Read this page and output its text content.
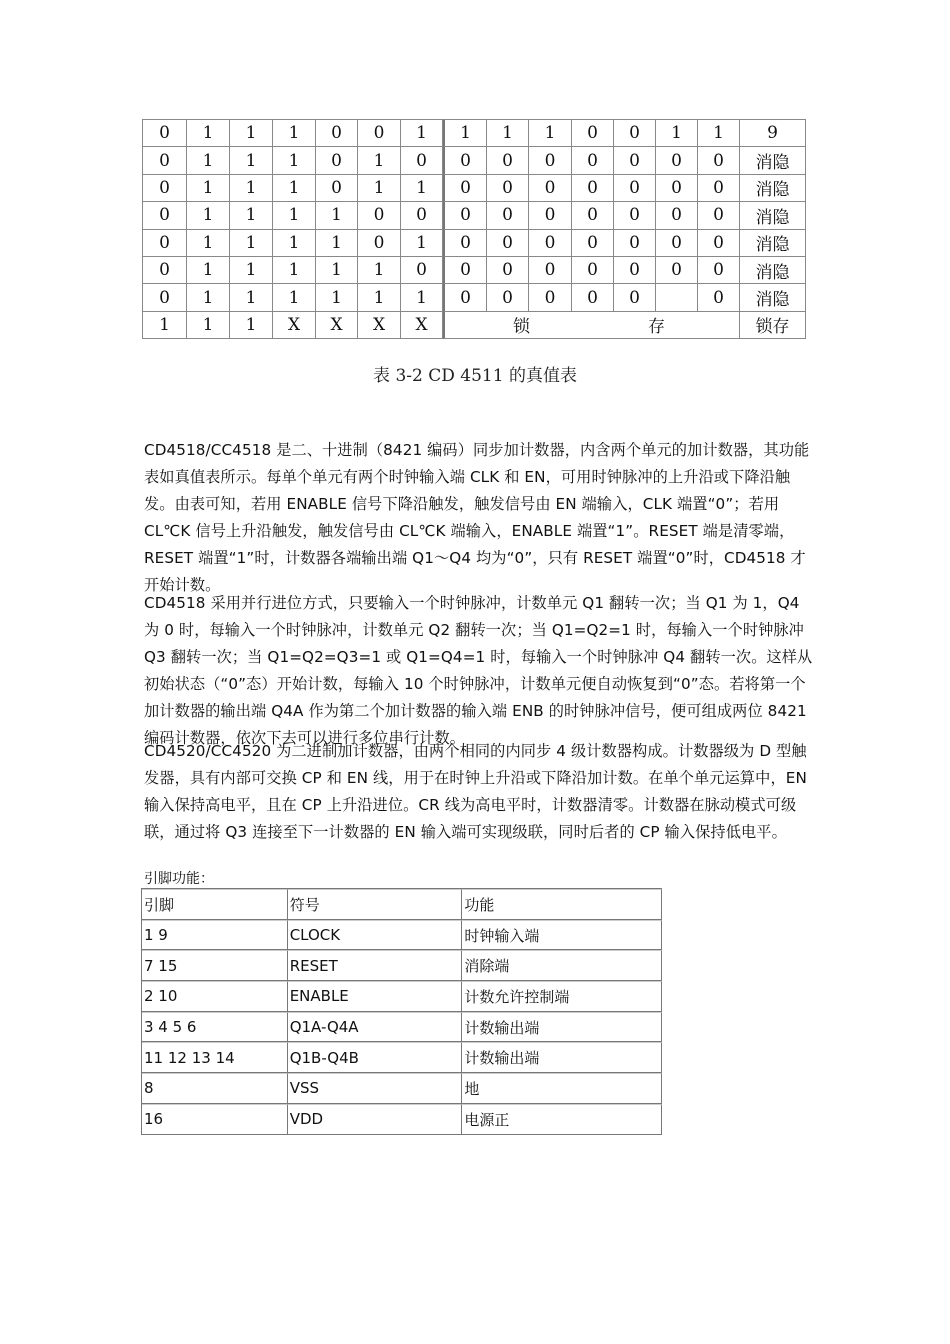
0	1	1	1	0	0	1	1	1	1	0	0	1	1	9
0	1	1	1	0	1	0	0	0	0	0	0	0	0	消隐
0	1	1	1	0	1	1	0	0	0	0	0	0	0	消隐
0	1	1	1	1	0	0	0	0	0	0	0	0	0	消隐
0	1	1	1	1	0	1	0	0	0	0	0	0	0	消隐
0	1	1	1	1	1	0	0	0	0	0	0	0	0	消隐
0	1	1	1	1	1	1	0	0	0	0	0		0	消隐
1	1	1	X	X	X	X	锁 存							锁存
表 3-2 CD 4511 的真值表

CD4518/CC4518 是二、十进制（8421 编码）同步加计数器，内含两个单元的加计数器，其功能表如真值表所示。每单个单元有两个时钟输入端 CLK 和 EN，可用时钟脉冲的上升沿或下降沿触发。由表可知，若用 ENABLE 信号下降沿触发，触发信号由 EN 端输入，CLK 端置“0”；若用 CL℃K 信号上升沿触发，触发信号由 CL℃K 端输入，ENABLE 端置“1”。RESET 端是清零端，RESET 端置“1”时，计数器各端输出端 Q1～Q4 均为“0”，只有 RESET 端置“0”时，CD4518 才开始计数。

CD4518 采用并行进位方式，只要输入一个时钟脉冲，计数单元 Q1 翻转一次；当 Q1 为 1，Q4 为 0 时，每输入一个时钟脉冲，计数单元 Q2 翻转一次；当 Q1=Q2=1 时，每输入一个时钟脉冲 Q3 翻转一次；当 Q1=Q2=Q3=1 或 Q1=Q4=1 时，每输入一个时钟脉冲 Q4 翻转一次。这样从初始状态（“0”态）开始计数，每输入 10 个时钟脉冲，计数单元便自动恢复到“0”态。若将第一个加计数器的输出端 Q4A 作为第二个加计数器的输入端 ENB 的时钟脉冲信号，便可组成两位 8421 编码计数器，依次下去可以进行多位串行计数。

CD4520/CC4520 为二进制加计数器，由两个相同的内同步 4 级计数器构成。计数器级为 D 型触发器，具有内部可交换 CP 和 EN 线，用于在时钟上升沿或下降沿加计数。在单个单元运算中，EN 输入保持高电平，且在 CP 上升沿进位。CR 线为高电平时，计数器清零。计数器在脉动模式可级联，通过将 Q3 连接至下一计数器的 EN 输入端可实现级联，同时后者的 CP 输入保持低电平。

引脚功能：
引脚	符号	功能
1 9	CLOCK	时钟输入端
7 15	RESET	消除端
2 10	ENABLE	计数允许控制端
3 4 5 6	Q1A-Q4A	计数输出端
11 12 13 14	Q1B-Q4B	计数输出端
8	VSS	地
16	VDD	电源正
